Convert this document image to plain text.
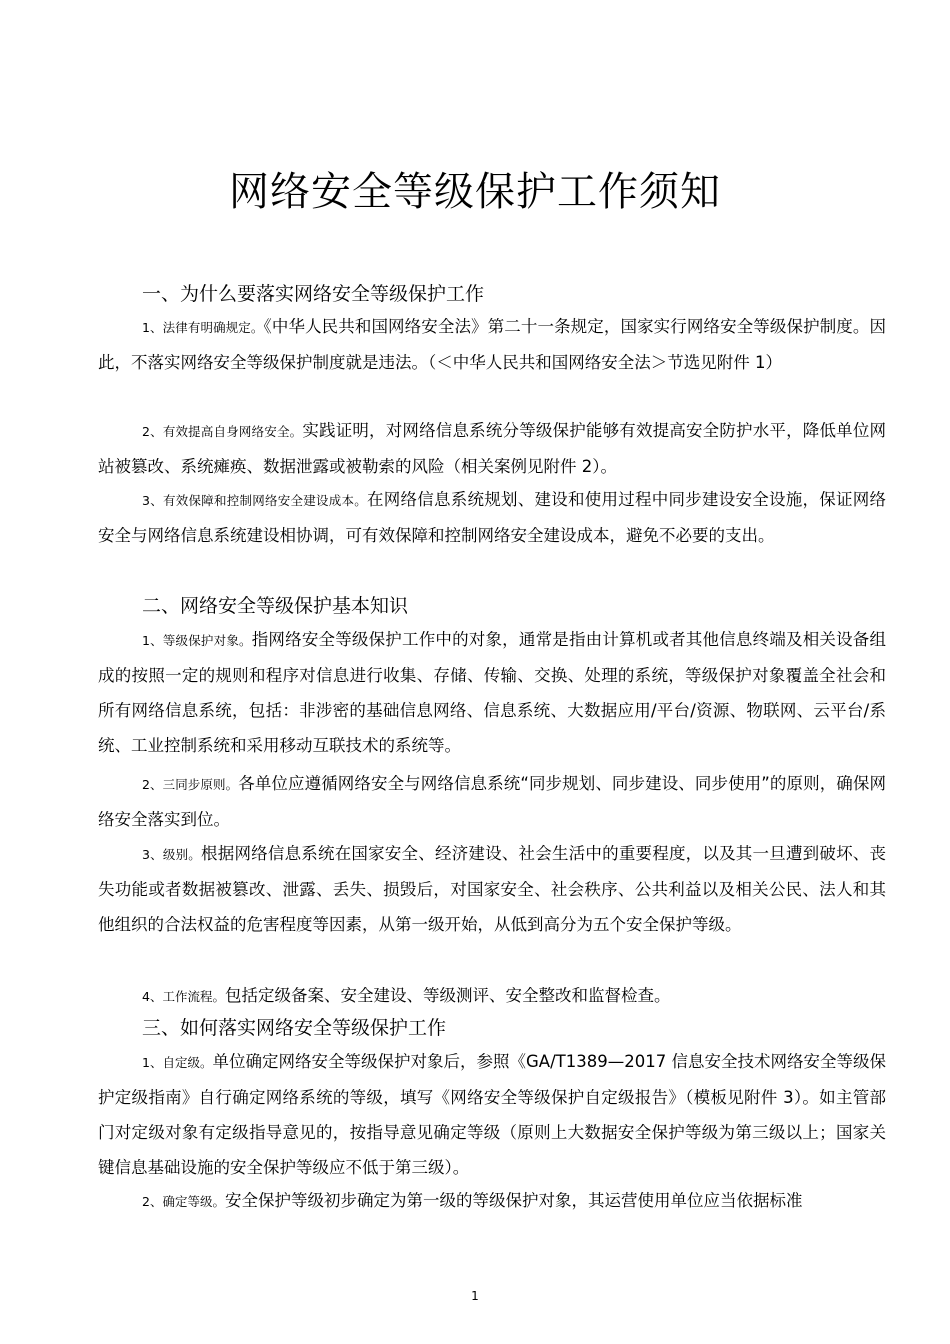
网络安全等级保护工作须知
一、为什么要落实网络安全等级保护工作
1、法律有明确规定。《中华人民共和国网络安全法》第二十一条规定，国家实行网络安全等级保护制度。因此，不落实网络安全等级保护制度就是违法。（＜中华人民共和国网络安全法＞节选见附件 1）
2、有效提高自身网络安全。实践证明，对网络信息系统分等级保护能够有效提高安全防护水平，降低单位网站被篡改、系统瘫痪、数据泄露或被勒索的风险（相关案例见附件 2）。
3、有效保障和控制网络安全建设成本。在网络信息系统规划、建设和使用过程中同步建设安全设施，保证网络安全与网络信息系统建设相协调，可有效保障和控制网络安全建设成本，避免不必要的支出。
二、网络安全等级保护基本知识
1、等级保护对象。指网络安全等级保护工作中的对象，通常是指由计算机或者其他信息终端及相关设备组成的按照一定的规则和程序对信息进行收集、存储、传输、交换、处理的系统，等级保护对象覆盖全社会和所有网络信息系统，包括：非涉密的基础信息网络、信息系统、大数据应用/平台/资源、物联网、云平台/系统、工业控制系统和采用移动互联技术的系统等。
2、三同步原则。各单位应遵循网络安全与网络信息系统“同步规划、同步建设、同步使用”的原则，确保网络安全落实到位。
3、级别。根据网络信息系统在国家安全、经济建设、社会生活中的重要程度，以及其一旦遭到破坏、丧失功能或者数据被篡改、泄露、丢失、损毁后，对国家安全、社会秩序、公共利益以及相关公民、法人和其他组织的合法权益的危害程度等因素，从第一级开始，从低到高分为五个安全保护等级。
4、工作流程。包括定级备案、安全建设、等级测评、安全整改和监督检查。
三、如何落实网络安全等级保护工作
1、自定级。单位确定网络安全等级保护对象后，参照《GA/T1389—2017 信息安全技术网络安全等级保护定级指南》自行确定网络系统的等级，填写《网络安全等级保护自定级报告》（模板见附件 3）。如主管部门对定级对象有定级指导意见的，按指导意见确定等级（原则上大数据安全保护等级为第三级以上；国家关键信息基础设施的安全保护等级应不低于第三级）。
2、确定等级。安全保护等级初步确定为第一级的等级保护对象，其运营使用单位应当依据标准
1
